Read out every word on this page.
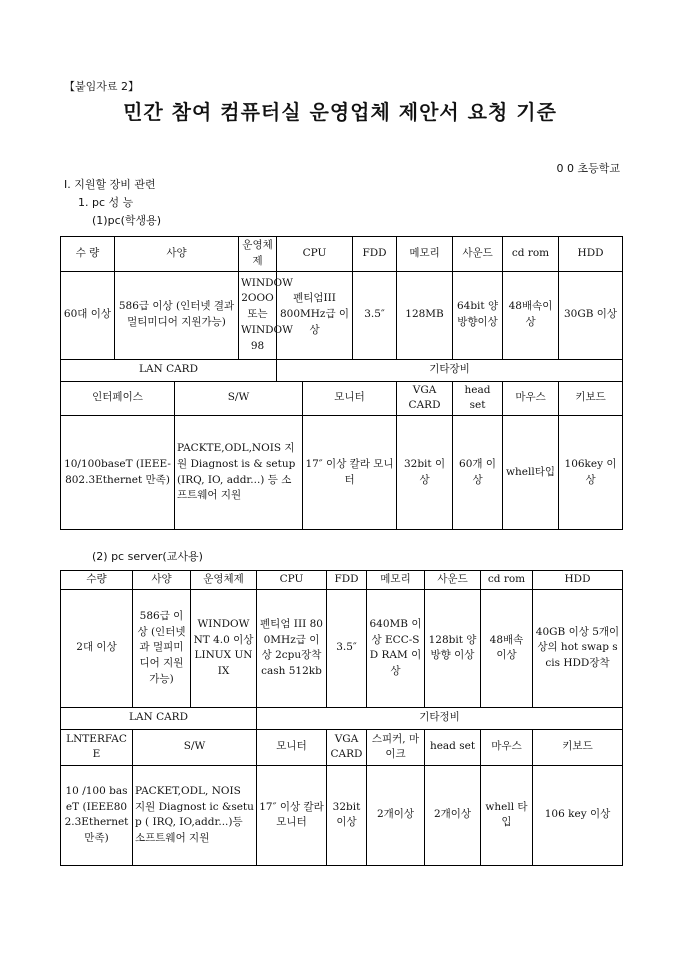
【붙임자료 2】
민간 참여 컴퓨터실 운영업체 제안서 요청 기준
0 0 초등학교
Ⅰ. 지원할 장비 관련
1. pc 성 능
(1)pc(학생용)
수 량	사양		운영체제	CPU		FDD	메모리	사운드	cd rom	HDD
60대 이상	586급 이상 (인터넷 결과 멀티미디어 지원가능)		WINDOW 2OOO 또는 WINDOW 98	펜티엄III 800MHz급 이상		3.5″	128MB	64bit 양방향이상	48배속이상	30GB 이상
LAN CARD				기타장비						
인터페이스		S/W			모니터		VGA CARD	head set	마우스	키보드
10/100baseT (IEEE-802.3Ethernet 만족)		PACKTE,ODL,NOIS 지원 Diagnost is & setup (IRQ, IO, addr...) 등 소프트웨어 지원			17″ 이상 칼라 모니터		32bit 이상	60개 이상	whell타입	106key 이상
(2) pc server(교사용)
수량	사양	운영체제	CPU	FDD	메모리	사운드	cd rom	HDD
2대 이상	586급 이상 (인터넷과 멀피미디어 지원 가능)	WINDOW NT 4.0 이상 LINUX UNIX	펜티엄 III 800MHz급 이상 2cpu장착 cash 512kb	3.5″	640MB 이상 ECC-SD RAM 이상	128bit 양방향 이상	48배속 이상	40GB 이상 5개이상의 hot swap scis HDD장착
LAN CARD			기타정비					
LNTERFACE	S/W		모니터	VGA CARD	스피커, 마이크	head set	마우스	키보드
10 /100 baseT (IEEE802.3Ethernet만족)	PACKET,ODL, NOIS 지원 Diagnost ic &setup ( IRQ, IO,addr...)등 소프트웨어 지원		17″ 이상 칼라 모니터	32bit 이상	2개이상	2개이상	whell 타입	106 key 이상
